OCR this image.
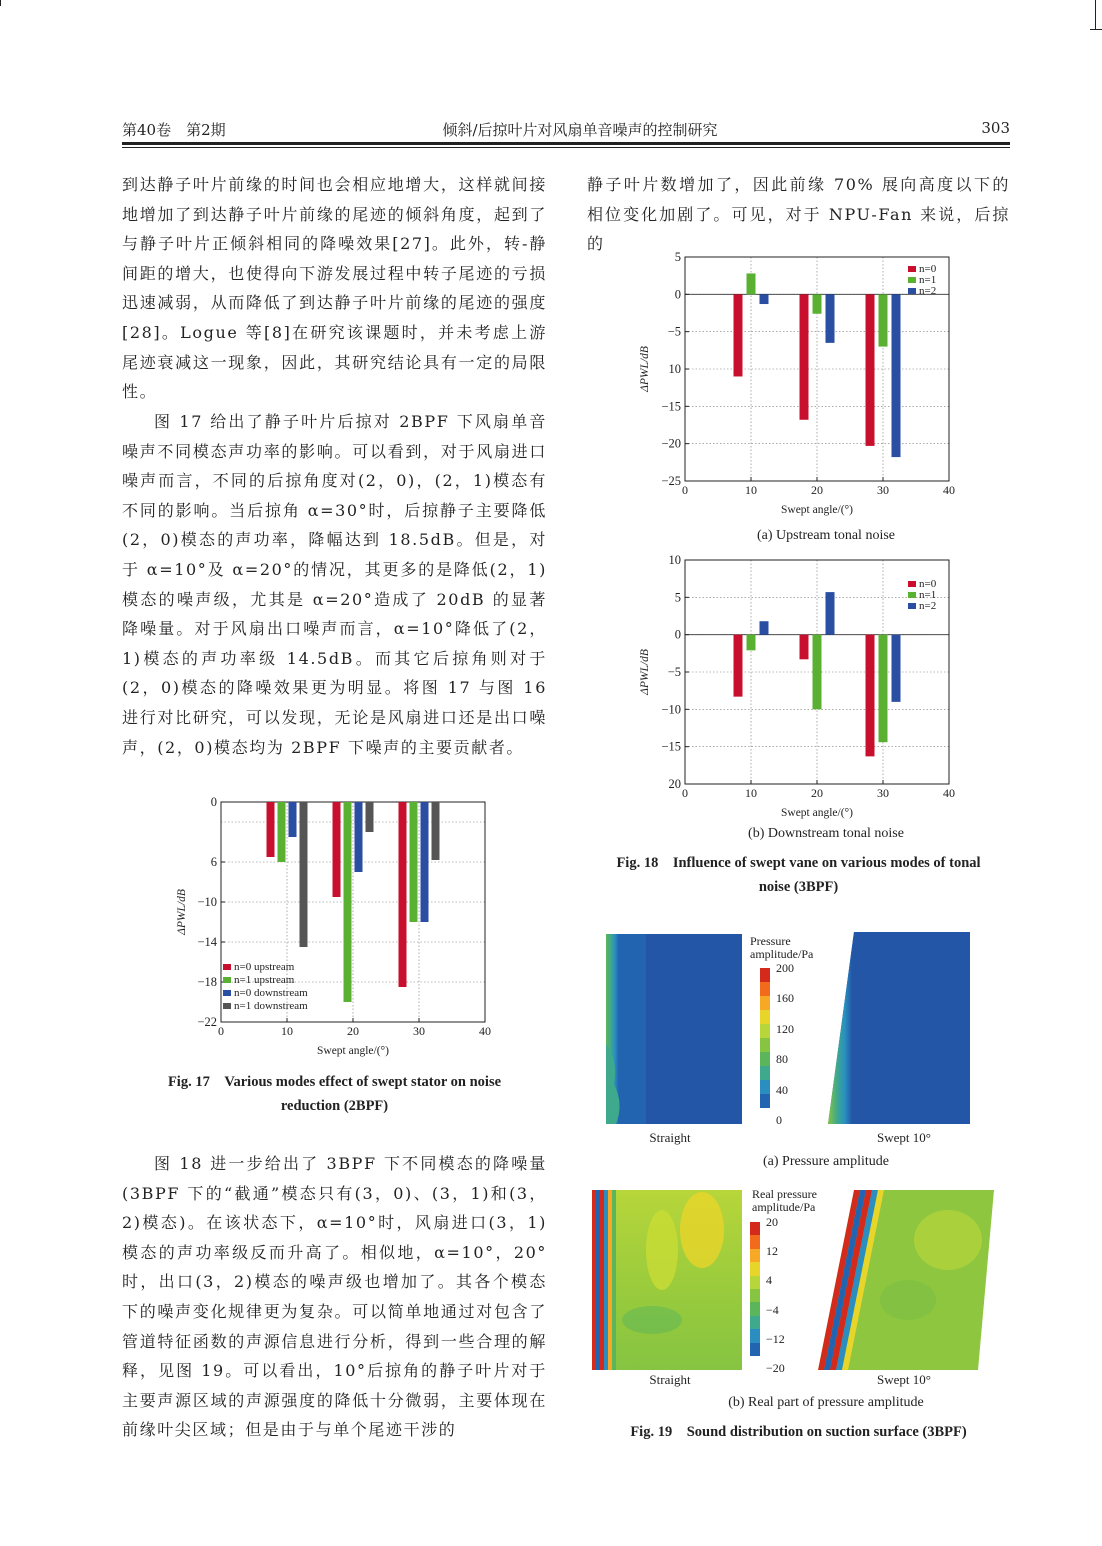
第40卷　第2期	倾斜/后掠叶片对风扇单音噪声的控制研究	303

到达静子叶片前缘的时间也会相应地增大，这样就间接地增加了到达静子叶片前缘的尾迹的倾斜角度，起到了与静子叶片正倾斜相同的降噪效果[27]。此外，转-静间距的增大，也使得向下游发展过程中转子尾迹的亏损迅速减弱，从而降低了到达静子叶片前缘的尾迹的强度[28]。Logue 等[8]在研究该课题时，并未考虑上游尾迹衰减这一现象，因此，其研究结论具有一定的局限性。

图 17 给出了静子叶片后掠对 2BPF 下风扇单音噪声不同模态声功率的影响。可以看到，对于风扇进口噪声而言，不同的后掠角度对(2，0)，(2，1)模态有不同的影响。当后掠角 α=30°时，后掠静子主要降低(2，0)模态的声功率，降幅达到 18.5dB。但是，对于 α=10°及 α=20°的情况，其更多的是降低(2，1)模态的噪声级，尤其是 α=20°造成了 20dB 的显著降噪量。对于风扇出口噪声而言，α=10°降低了(2，1)模态的声功率级 14.5dB。而其它后掠角则对于(2，0)模态的降噪效果更为明显。将图 17 与图 16 进行对比研究，可以发现，无论是风扇进口还是出口噪声，(2，0)模态均为 2BPF 下噪声的主要贡献者。

图 18 进一步给出了 3BPF 下不同模态的降噪量(3BPF 下的“截通”模态只有(3，0)、(3，1)和(3，2)模态)。在该状态下，α=10°时，风扇进口(3，1)模态的声功率级反而升高了。相似地，α=10°，20°时，出口(3，2)模态的噪声级也增加了。其各个模态下的噪声变化规律更为复杂。可以简单地通过对包含了管道特征函数的声源信息进行分析，得到一些合理的解释，见图 19。可以看出，10°后掠角的静子叶片对于主要声源区域的声源强度的降低十分微弱，主要体现在前缘叶尖区域；但是由于与单个尾迹干涉的

静子叶片数增加了，因此前缘 70% 展向高度以下的相位变化加剧了。可见，对于 NPU-Fan 来说，后掠的

0	10	20	30	40
0
6
−10
−14
−18
−22
Swept angle/(°)
ΔPWL/dB
n=0 upstream
n=1 upstream
n=0 downstream
n=1 downstream
Fig. 17　Various modes effect of swept stator on noise
reduction (2BPF)
0	10	20	30	40
5
0
−5
10
−15
−20
−25
Swept angle/(°)
ΔPWL/dB
n=0
n=1
n=2
(a) Upstream tonal noise
0	10	20	30	40
10
5
0
−5
−10
−15
20
Swept angle/(°)
ΔPWL/dB
n=0
n=1
n=2
(b) Downstream tonal noise
Fig. 18　Influence of swept vane on various modes of tonal
noise (3BPF)
Pressure
amplitude/Pa
200
160
120
80
40
0
Straight	Swept 10°
(a) Pressure amplitude
Real pressure
amplitude/Pa
20
12
4
−4
−12
−20
Straight	Swept 10°
(b) Real part of pressure amplitude
Fig. 19　Sound distribution on suction surface (3BPF)
